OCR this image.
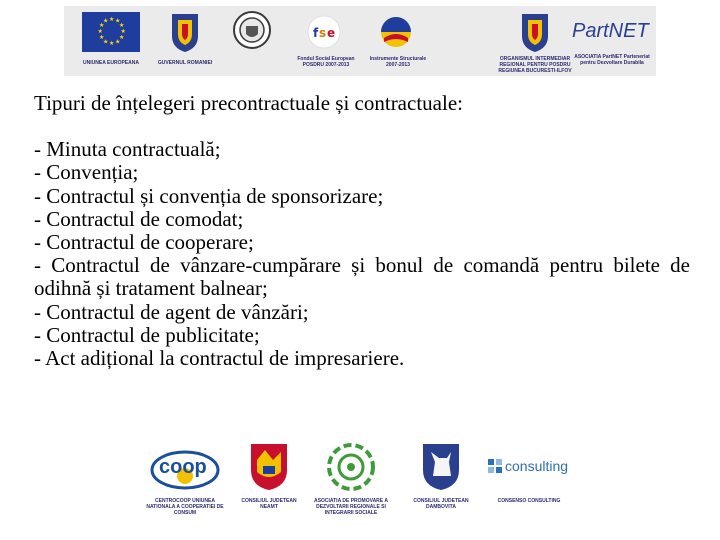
★ ★
★
★
★
★
★
★
★
★
★
★
UNIUNEA EUROPEANA	GUVERNUL ROMANIEI
f s e
Fondul Social European POSDRU 2007-2013
Instrumente Structurale 2007-2013
ORGANISMUL INTERMEDIAR REGIONAL PENTRU POSDRU REGIUNEA BUCURESTI-ILFOV
PartNET
ASOCIATIA PartNET Parteneriat pentru Dezvoltare Durabila

Tipuri de înțelegeri precontractuale și contractuale:

- Minuta contractuală;

- Convenția;

- Contractul și convenția de sponsorizare;

- Contractul de comodat;

- Contractul de cooperare;

- Contractul de vânzare-cumpărare și bonul de comandă pentru bilete de odihnă și tratament balnear;

- Contractul de agent de vânzări;

- Contractul de publicitate;

- Act adițional la contractul de impresariere.

coop
CENTROCOOP UNIUNEA NATIONALA A COOPERATIEI DE CONSUM
CONSILIUL JUDETEAN NEAMT
ASOCIATIA DE PROMOVARE A DEZVOLTARII REGIONALE SI INTEGRARII SOCIALE
CONSILIUL JUDETEAN DAMBOVITA
consulting
CONSENSO CONSULTING
